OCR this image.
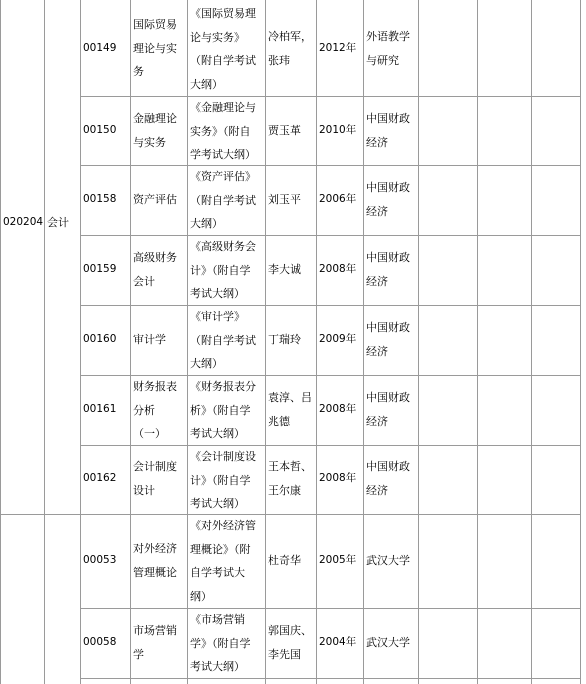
020204 会计
00149
国际贸易
理论与实
务
《国际贸易理
论与实务》
（附自学考试
大纲）
冷柏军，
张玮
2012年
外语教学
与研究
00150
金融理论
与实务
《金融理论与
实务》（附自
学考试大纲）
贾玉革 2010年
中国财政
经济
00158 资产评估
《资产评估》
（附自学考试
大纲）
刘玉平 2006年
中国财政
经济
00159
高级财务
会计
《高级财务会
计》（附自学
考试大纲）
李大诚 2008年
中国财政
经济
00160 审计学
《审计学》
（附自学考试
大纲）
丁瑞玲 2009年
中国财政
经济
00161
财务报表
分析
（一）
《财务报表分
析》（附自学
考试大纲）
袁淳、吕
兆德
2008年
中国财政
经济
00162
会计制度
设计
《会计制度设
计》（附自学
考试大纲）
王本哲、
王尔康
2008年
中国财政
经济
00053
对外经济
管理概论
《对外经济管
理概论》（附
自学考试大
纲）
杜奇华 2005年 武汉大学
00058
市场营销
学
《市场营销
学》（附自学
考试大纲）
郭国庆、
李先国
2004年 武汉大学
